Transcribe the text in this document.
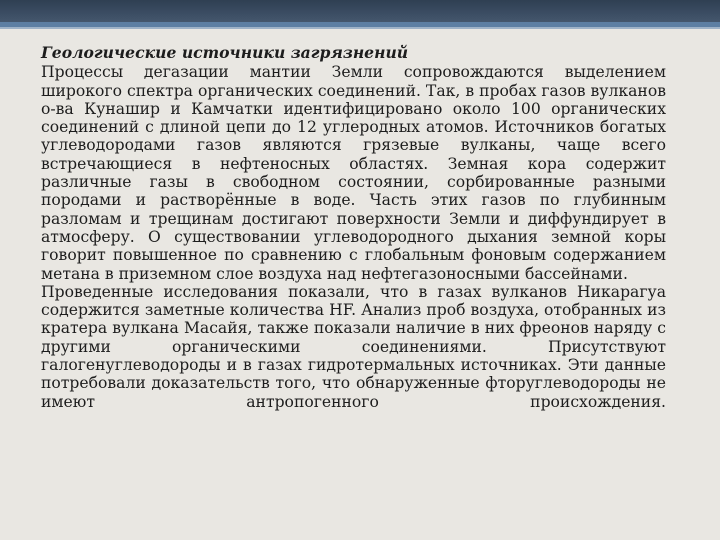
Геологические источники загрязнений

Процессы дегазации мантии Земли сопровождаются выделением широкого спектра органических соединений. Так, в пробах газов вулканов о-ва Кунашир и Камчатки идентифицировано около 100 органических соединений с длиной цепи до 12 углеродных атомов. Источников богатых углеводородами газов являются грязевые вулканы, чаще всего встречающиеся в нефтеносных областях. Земная кора содержит различные газы в свободном состоянии, сорбированные разными породами и растворённые в воде. Часть этих газов по глубинным разломам и трещинам достигают поверхности Земли и диффундирует в атмосферу. О существовании углеводородного дыхания земной коры говорит повышенное по сравнению с глобальным фоновым содержанием метана в приземном слое воздуха над нефтегазоносными бассейнами.

Проведенные исследования показали, что в газах вулканов Никарагуа содержится заметные количества HF. Анализ проб воздуха, отобранных из кратера вулкана Масайя, также показали наличие в них фреонов наряду с другими органическими соединениями. Присутствуют галогенуглеводороды и в газах гидротермальных источниках. Эти данные потребовали доказательств того, что обнаруженные фторуглеводороды не имеют антропогенного происхождения.
